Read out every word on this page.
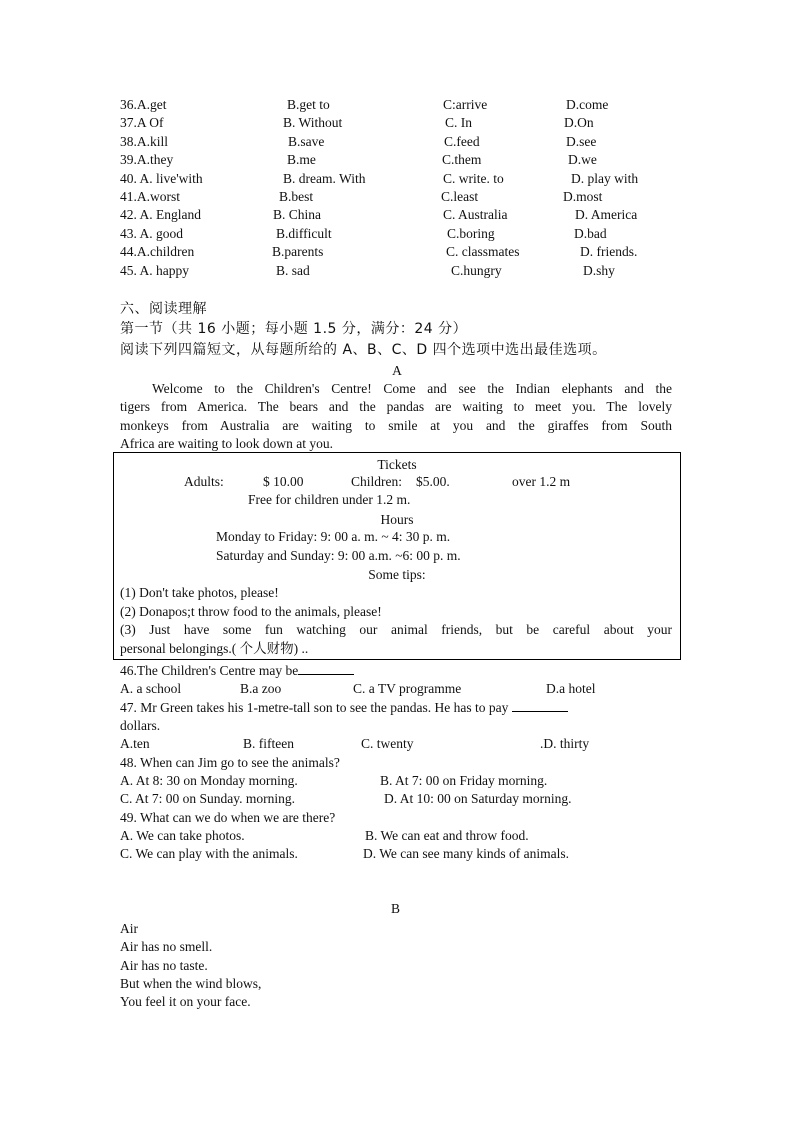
36.A.get	B.get to	C:arrive	D.come
37.A Of	B. Without	C. In	D.On
38.A.kill	B.save	C.feed	D.see
39.A.they	B.me	C.them	D.we
40. A. live'with	B. dream. With	C. write. to	D. play with
41.A.worst	B.best	C.least	D.most
42. A. England	B. China	C. Australia	D. America
43. A. good	B.difficult	C.boring	D.bad
44.A.children	B.parents	C. classmates	D. friends.
45. A. happy	B. sad	C.hungry	D.shy
六、阅读理解
第一节（共 16 小题；每小题 1.5 分，满分：24 分）
阅读下列四篇短文，从每题所给的 A、B、C、D 四个选项中选出最佳选项。
A
Welcome to the Children's Centre! Come and see the Indian elephants and the
tigers from America. The bears and the pandas are waiting to meet you. The lovely
monkeys from Australia are waiting to smile at you and the giraffes from South
Africa are waiting to look down at you.
Tickets
Adults:	$ 10.00	Children: $5.00.	over 1.2 m
Free for children under 1.2 m.
Hours
Monday to Friday: 9: 00 a. m. ~ 4: 30 p. m.
Saturday and Sunday: 9: 00 a.m. ~6: 00 p. m.
Some tips:
(1) Don't take photos, please!
(2) Donapos;t throw food to the animals, please!
(3) Just have some fun watching our animal friends, but be careful about your
personal belongings.( 个人财物) ..
46.The Children's Centre may be
A. a school	B.a zoo	C. a TV programme	D.a hotel
47. Mr Green takes his 1-metre-tall son to see the pandas. He has to pay
dollars.
A.ten	B. fifteen	C. twenty	.D. thirty
48. When can Jim go to see the animals?
A. At 8: 30 on Monday morning.	B. At 7: 00 on Friday morning.
C. At 7: 00 on Sunday. morning.	D. At 10: 00 on Saturday morning.
49. What can we do when we are there?
A. We can take photos.	B. We can eat and throw food.
C. We can play with the animals.	D. We can see many kinds of animals.
B
Air
Air has no smell.
Air has no taste.
But when the wind blows,
You feel it on your face.
